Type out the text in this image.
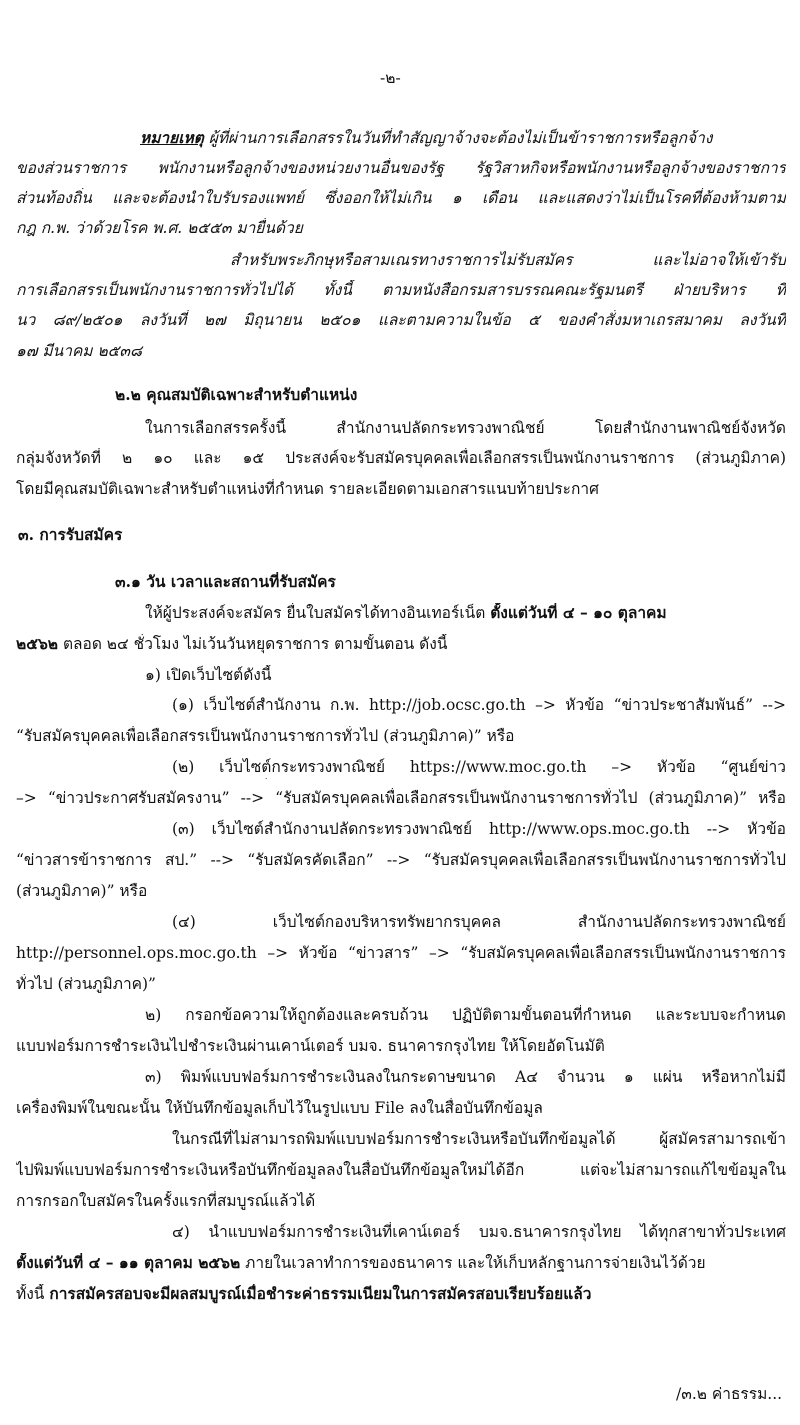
-๒-
หมายเหตุ ผู้ที่ผ่านการเลือกสรรในวันที่ทำสัญญาจ้างจะต้องไม่เป็นข้าราชการหรือลูกจ้าง
ของส่วนราชการ พนักงานหรือลูกจ้างของหน่วยงานอื่นของรัฐ รัฐวิสาหกิจหรือพนักงานหรือลูกจ้างของราชการ
ส่วนท้องถิ่น และจะต้องนำใบรับรองแพทย์ ซึ่งออกให้ไม่เกิน ๑ เดือน และแสดงว่าไม่เป็นโรคที่ต้องห้ามตาม
กฎ ก.พ. ว่าด้วยโรค พ.ศ. ๒๕๕๓ มายื่นด้วย
สำหรับพระภิกษุหรือสามเณรทางราชการไม่รับสมัคร และไม่อาจให้เข้ารับ
การเลือกสรรเป็นพนักงานราชการทั่วไปได้ ทั้งนี้ ตามหนังสือกรมสารบรรณคณะรัฐมนตรี ฝ่ายบริหาร ที่
นว ๘๙/๒๕๐๑ ลงวันที่ ๒๗ มิถุนายน ๒๕๐๑ และตามความในข้อ ๕ ของคำสั่งมหาเถรสมาคม ลงวันที่
๑๗ มีนาคม ๒๕๓๘
๒.๒ คุณสมบัติเฉพาะสำหรับตำแหน่ง
ในการเลือกสรรครั้งนี้ สำนักงานปลัดกระทรวงพาณิชย์ โดยสำนักงานพาณิชย์จังหวัด
กลุ่มจังหวัดที่ ๒ ๑๐ และ ๑๕ ประสงค์จะรับสมัครบุคคลเพื่อเลือกสรรเป็นพนักงานราชการ (ส่วนภูมิภาค)
โดยมีคุณสมบัติเฉพาะสำหรับตำแหน่งที่กำหนด รายละเอียดตามเอกสารแนบท้ายประกาศ
๓. การรับสมัคร
๓.๑ วัน เวลาและสถานที่รับสมัคร
ให้ผู้ประสงค์จะสมัคร ยื่นใบสมัครได้ทางอินเทอร์เน็ต ตั้งแต่วันที่ ๔ – ๑๐ ตุลาคม
๒๕๖๒ ตลอด ๒๔ ชั่วโมง ไม่เว้นวันหยุดราชการ ตามขั้นตอน ดังนี้
๑) เปิดเว็บไซต์ดังนี้
(๑) เว็บไซต์สำนักงาน ก.พ. http://job.ocsc.go.th –> หัวข้อ “ข่าวประชาสัมพันธ์” -->
“รับสมัครบุคคลเพื่อเลือกสรรเป็นพนักงานราชการทั่วไป (ส่วนภูมิภาค)” หรือ
(๒) เว็บไซต์กระทรวงพาณิชย์ https://www.moc.go.th –> หัวข้อ “ศูนย์ข่าว
–> “ข่าวประกาศรับสมัครงาน” --> “รับสมัครบุคคลเพื่อเลือกสรรเป็นพนักงานราชการทั่วไป (ส่วนภูมิภาค)” หรือ
(๓) เว็บไซต์สำนักงานปลัดกระทรวงพาณิชย์ http://www.ops.moc.go.th --> หัวข้อ
“ข่าวสารข้าราชการ สป.” --> “รับสมัครคัดเลือก” --> “รับสมัครบุคคลเพื่อเลือกสรรเป็นพนักงานราชการทั่วไป
(ส่วนภูมิภาค)” หรือ
(๔) เว็บไซต์กองบริหารทรัพยากรบุคคล สำนักงานปลัดกระทรวงพาณิชย์
http://personnel.ops.moc.go.th –> หัวข้อ “ข่าวสาร” –> “รับสมัครบุคคลเพื่อเลือกสรรเป็นพนักงานราชการ
ทั่วไป (ส่วนภูมิภาค)”
๒) กรอกข้อความให้ถูกต้องและครบถ้วน ปฏิบัติตามขั้นตอนที่กำหนด และระบบจะกำหนด
แบบฟอร์มการชำระเงินไปชำระเงินผ่านเคาน์เตอร์ บมจ. ธนาคารกรุงไทย ให้โดยอัตโนมัติ
๓) พิมพ์แบบฟอร์มการชำระเงินลงในกระดาษขนาด A๔ จำนวน ๑ แผ่น หรือหากไม่มี
เครื่องพิมพ์ในขณะนั้น ให้บันทึกข้อมูลเก็บไว้ในรูปแบบ File ลงในสื่อบันทึกข้อมูล
ในกรณีที่ไม่สามารถพิมพ์แบบฟอร์มการชำระเงินหรือบันทึกข้อมูลได้ ผู้สมัครสามารถเข้า
ไปพิมพ์แบบฟอร์มการชำระเงินหรือบันทึกข้อมูลลงในสื่อบันทึกข้อมูลใหม่ได้อีก แต่จะไม่สามารถแก้ไขข้อมูลใน
การกรอกใบสมัครในครั้งแรกที่สมบูรณ์แล้วได้
๔) นำแบบฟอร์มการชำระเงินที่เคาน์เตอร์ บมจ.ธนาคารกรุงไทย ได้ทุกสาขาทั่วประเทศ
ตั้งแต่วันที่ ๔ – ๑๑ ตุลาคม ๒๕๖๒ ภายในเวลาทำการของธนาคาร และให้เก็บหลักฐานการจ่ายเงินไว้ด้วย
ทั้งนี้ การสมัครสอบจะมีผลสมบูรณ์เมื่อชำระค่าธรรมเนียมในการสมัครสอบเรียบร้อยแล้ว
/๓.๒ ค่าธรรม...
